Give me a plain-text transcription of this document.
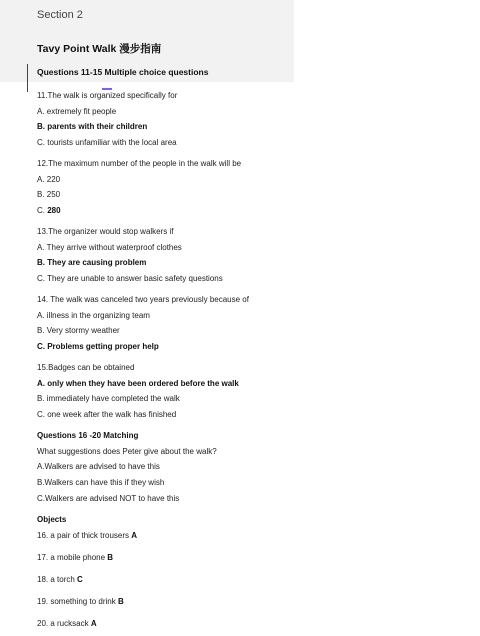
Section 2
Tavy Point Walk 漫步指南
Questions 11-15 Multiple choice questions
11.The walk is organized specifically for
A. extremely fit people
B. parents with their children
C. tourists unfamiliar with the local area
12.The maximum number of the people in the walk will be
A. 220
B. 250
C. 280
13.The organizer would stop walkers if
A. They arrive without waterproof clothes
B. They are causing problem
C. They are unable to answer basic safety questions
14. The walk was canceled two years previously because of
A. illness in the organizing team
B. Very stormy weather
C. Problems getting proper help
15.Badges can be obtained
A. only when they have been ordered before the walk
B. immediately have completed the walk
C. one week after the walk has finished
Questions 16 -20 Matching
What suggestions does Peter give about the walk?
A.Walkers are advised to have this
B.Walkers can have this if they wish
C.Walkers are advised NOT to have this
Objects
16. a pair of thick trousers A
17. a mobile phone B
18. a torch C
19. something to drink B
20. a rucksack A
